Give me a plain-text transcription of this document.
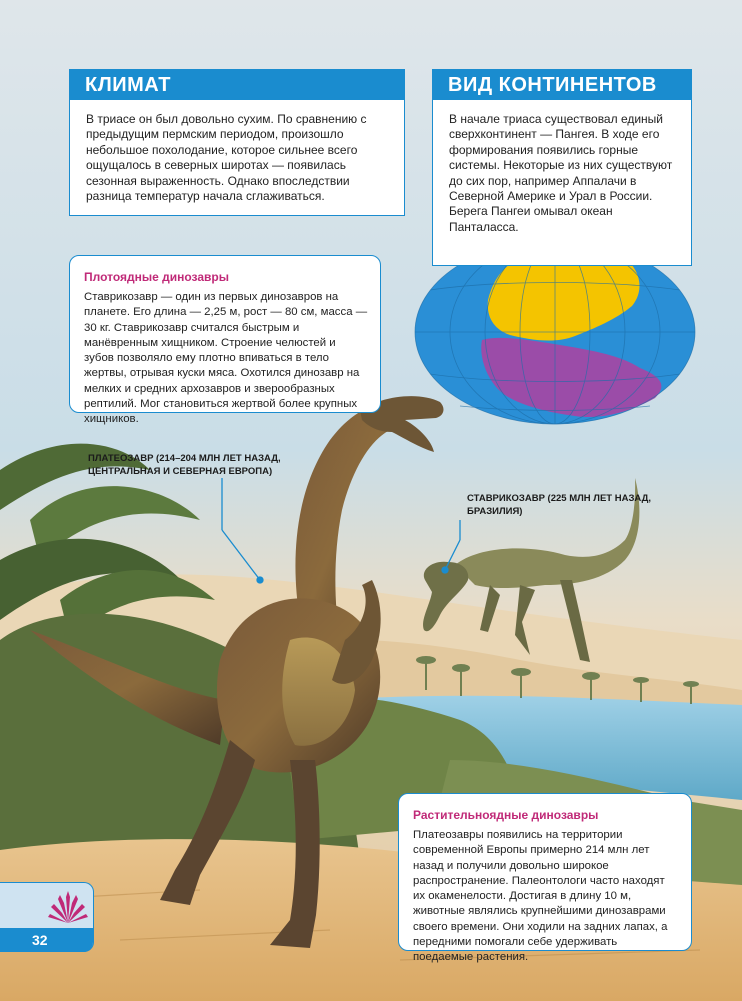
КЛИМАТ
В триасе он был довольно сухим. По сравнению с предыдущим пермским периодом, произошло небольшое похолодание, которое сильнее всего ощущалось в северных широтах — появилась сезонная выраженность. Однако впоследствии разница температур начала сглаживаться.
ВИД КОНТИНЕНТОВ
В начале триаса существовал единый сверхконтинент — Пангея. В ходе его формирования появились горные системы. Некоторые из них существуют до сих пор, например Аппалачи в Северной Америке и Урал в России. Берега Пангеи омывал океан Панталасса.
Плотоядные динозавры
Ставрикозавр — один из первых динозавров на планете. Его длина — 2,25 м, рост — 80 см, масса — 30 кг. Ставрикозавр считался быстрым и манёвренным хищником. Строение челюстей и зубов позволяло ему плотно впиваться в тело жертвы, отрывая куски мяса. Охотился динозавр на мелких и средних архозавров и зверообразных рептилий. Мог становиться жертвой более крупных хищников.
ПЛАТЕОЗАВР (214–204 МЛН ЛЕТ НАЗАД, ЦЕНТРАЛЬНАЯ И СЕВЕРНАЯ ЕВРОПА)
СТАВРИКОЗАВР (225 МЛН ЛЕТ НАЗАД, БРАЗИЛИЯ)
Растительноядные динозавры
Платеозавры появились на территории современной Европы примерно 214 млн лет назад и получили довольно широкое распространение. Палеонтологи часто находят их окаменелости. Достигая в длину 10 м, животные являлись крупнейшими динозаврами своего времени. Они ходили на задних лапах, а передними помогали себе удерживать поедаемые растения.
32
